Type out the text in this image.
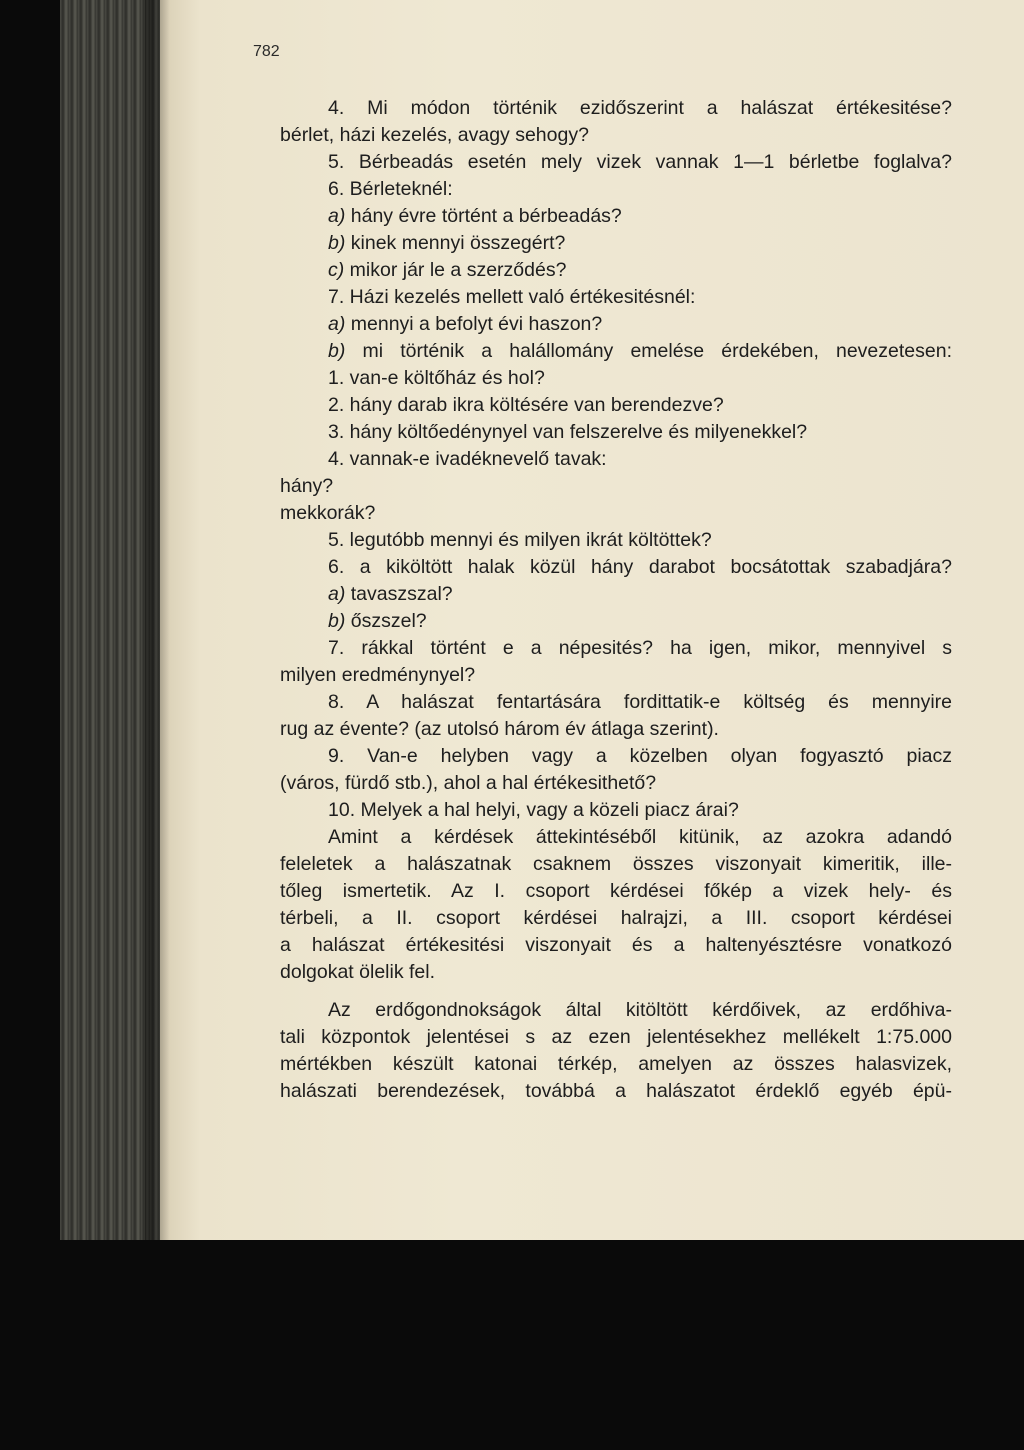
782
4. Mi módon történik ezidőszerint a halászat értékesitése?
bérlet, házi kezelés, avagy sehogy?
5. Bérbeadás esetén mely vizek vannak 1—1 bérletbe foglalva?
6. Bérleteknél:
a) hány évre történt a bérbeadás?
b) kinek mennyi összegért?
c) mikor jár le a szerződés?
7. Házi kezelés mellett való értékesitésnél:
a) mennyi a befolyt évi haszon?
b) mi történik a halállomány emelése érdekében, nevezetesen:
1. van-e költőház és hol?
2. hány darab ikra költésére van berendezve?
3. hány költőedénynyel van felszerelve és milyenekkel?
4. vannak-e ivadéknevelő tavak:
hány?
mekkorák?
5. legutóbb mennyi és milyen ikrát költöttek?
6. a kiköltött halak közül hány darabot bocsátottak szabadjára?
a) tavaszszal?
b) őszszel?
7. rákkal történt e a népesités? ha igen, mikor, mennyivel s
milyen eredménynyel?
8. A halászat fentartására fordittatik-e költség és mennyire
rug az évente? (az utolsó három év átlaga szerint).
9. Van-e helyben vagy a közelben olyan fogyasztó piacz
(város, fürdő stb.), ahol a hal értékesithető?
10. Melyek a hal helyi, vagy a közeli piacz árai?
Amint a kérdések áttekintéséből kitünik, az azokra adandó
feleletek a halászatnak csaknem összes viszonyait kimeritik, ille-
tőleg ismertetik. Az I. csoport kérdései főkép a vizek hely- és
térbeli, a II. csoport kérdései halrajzi, a III. csoport kérdései
a halászat értékesitési viszonyait és a haltenyésztésre vonatkozó
dolgokat ölelik fel.
Az erdőgondnokságok által kitöltött kérdőivek, az erdőhiva-
tali központok jelentései s az ezen jelentésekhez mellékelt 1:75.000
mértékben készült katonai térkép, amelyen az összes halasvizek,
halászati berendezések, továbbá a halászatot érdeklő egyéb épü-
